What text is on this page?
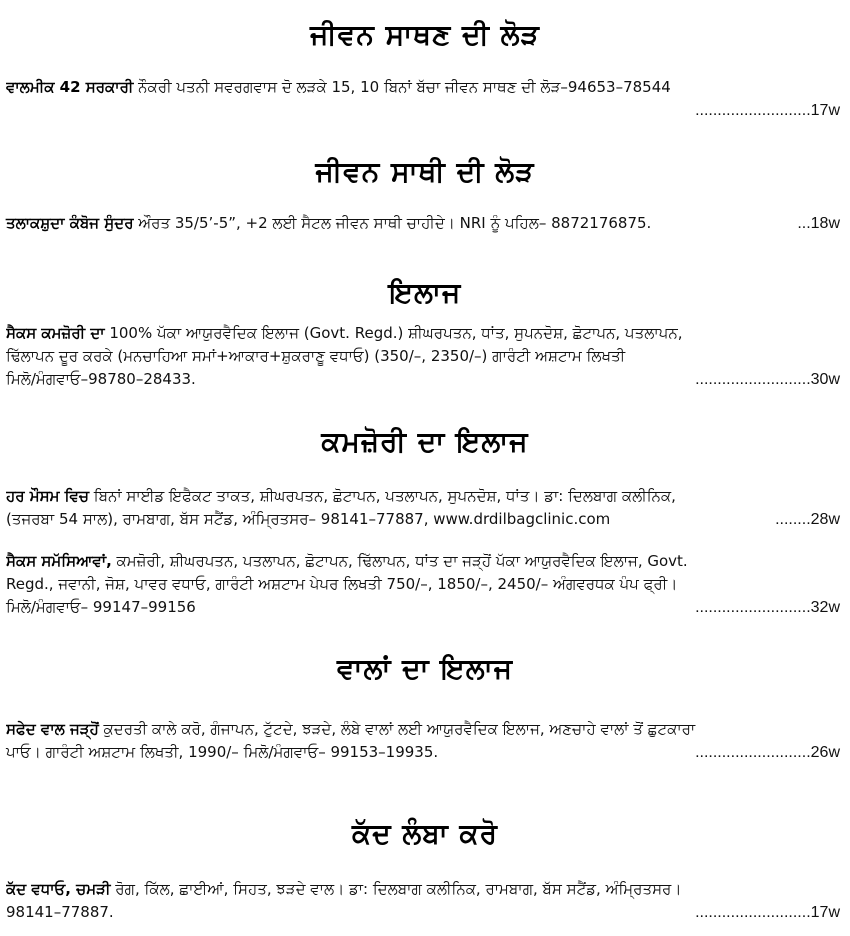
ਜੀਵਨ ਸਾਥਣ ਦੀ ਲੋੜ
ਵਾਲਮੀਕ 42 ਸਰਕਾਰੀ ਨੌਕਰੀ ਪਤਨੀ ਸਵਰਗਵਾਸ ਦੋ ਲੜਕੇ 15, 10 ਬਿਨਾਂ ਬੱਚਾ ਜੀਵਨ ਸਾਥਣ ਦੀ ਲੋੜ–94653–78544
..........................17w
ਜੀਵਨ ਸਾਥੀ ਦੀ ਲੋੜ
ਤਲਾਕਸ਼ੁਦਾ ਕੰਬੋਜ ਸੁੰਦਰ ਔਰਤ 35/5’-5”, +2 ਲਈ ਸੈਟਲ ਜੀਵਨ ਸਾਥੀ ਚਾਹੀਦੇ। NRI ਨੂੰ ਪਹਿਲ– 8872176875.	...18w
ਇਲਾਜ
ਸੈਕਸ ਕਮਜ਼ੋਰੀ ਦਾ 100% ਪੱਕਾ ਆਯੁਰਵੈਦਿਕ ਇਲਾਜ (Govt. Regd.) ਸ਼ੀਘਰਪਤਨ, ਧਾਂਤ, ਸੁਪਨਦੋਸ਼, ਛੋਟਾਪਨ, ਪਤਲਾਪਨ,
ਢਿੱਲਾਪਨ ਦੂਰ ਕਰਕੇ (ਮਨਚਾਹਿਆ ਸਮਾਂ+ਆਕਾਰ+ਸ਼ੁਕਰਾਣੂ ਵਧਾਓ) (350/–, 2350/–) ਗਾਰੰਟੀ ਅਸ਼ਟਾਮ ਲਿਖਤੀ
ਮਿਲੋ/ਮੰਗਵਾਓ–98780–28433.	..........................30w
ਕਮਜ਼ੋਰੀ ਦਾ ਇਲਾਜ
ਹਰ ਮੌਸਮ ਵਿਚ ਬਿਨਾਂ ਸਾਈਡ ਇਫੈਕਟ ਤਾਕਤ, ਸ਼ੀਘਰਪਤਨ, ਛੋਟਾਪਨ, ਪਤਲਾਪਨ, ਸੁਪਨਦੋਸ਼, ਧਾਂਤ। ਡਾ: ਦਿਲਬਾਗ ਕਲੀਨਿਕ,
(ਤਜਰਬਾ 54 ਸਾਲ), ਰਾਮਬਾਗ, ਬੱਸ ਸਟੈਂਡ, ਅੰਮ੍ਰਿਤਸਰ– 98141–77887, www.drdilbagclinic.com	........28w
ਸੈਕਸ ਸਮੱਸਿਆਵਾਂ, ਕਮਜ਼ੋਰੀ, ਸ਼ੀਘਰਪਤਨ, ਪਤਲਾਪਨ, ਛੋਟਾਪਨ, ਢਿੱਲਾਪਨ, ਧਾਂਤ ਦਾ ਜੜ੍ਹੋਂ ਪੱਕਾ ਆਯੁਰਵੈਦਿਕ ਇਲਾਜ, Govt.
Regd., ਜਵਾਨੀ, ਜੋਸ਼, ਪਾਵਰ ਵਧਾਓ, ਗਾਰੰਟੀ ਅਸ਼ਟਾਮ ਪੇਪਰ ਲਿਖਤੀ 750/–, 1850/–, 2450/– ਅੰਗਵਰਧਕ ਪੰਪ ਫ੍ਰੀ।
ਮਿਲੋ/ਮੰਗਵਾਓ– 99147–99156	..........................32w
ਵਾਲਾਂ ਦਾ ਇਲਾਜ
ਸਫੇਦ ਵਾਲ ਜੜ੍ਹੋਂ ਕੁਦਰਤੀ ਕਾਲੇ ਕਰੋ, ਗੰਜਾਪਨ, ਟੁੱਟਦੇ, ਝੜਦੇ, ਲੰਬੇ ਵਾਲਾਂ ਲਈ ਆਯੁਰਵੈਦਿਕ ਇਲਾਜ, ਅਣਚਾਹੇ ਵਾਲਾਂ ਤੋਂ ਛੁਟਕਾਰਾ
ਪਾਓ। ਗਾਰੰਟੀ ਅਸ਼ਟਾਮ ਲਿਖਤੀ, 1990/– ਮਿਲੋ/ਮੰਗਵਾਓ– 99153–19935.	..........................26w
ਕੱਦ ਲੰਬਾ ਕਰੋ
ਕੱਦ ਵਧਾਓ, ਚਮੜੀ ਰੋਗ, ਕਿੱਲ, ਛਾਈਆਂ, ਸਿਹਤ, ਝੜਦੇ ਵਾਲ। ਡਾ: ਦਿਲਬਾਗ ਕਲੀਨਿਕ, ਰਾਮਬਾਗ, ਬੱਸ ਸਟੈਂਡ, ਅੰਮ੍ਰਿਤਸਰ।
98141–77887.	..........................17w
